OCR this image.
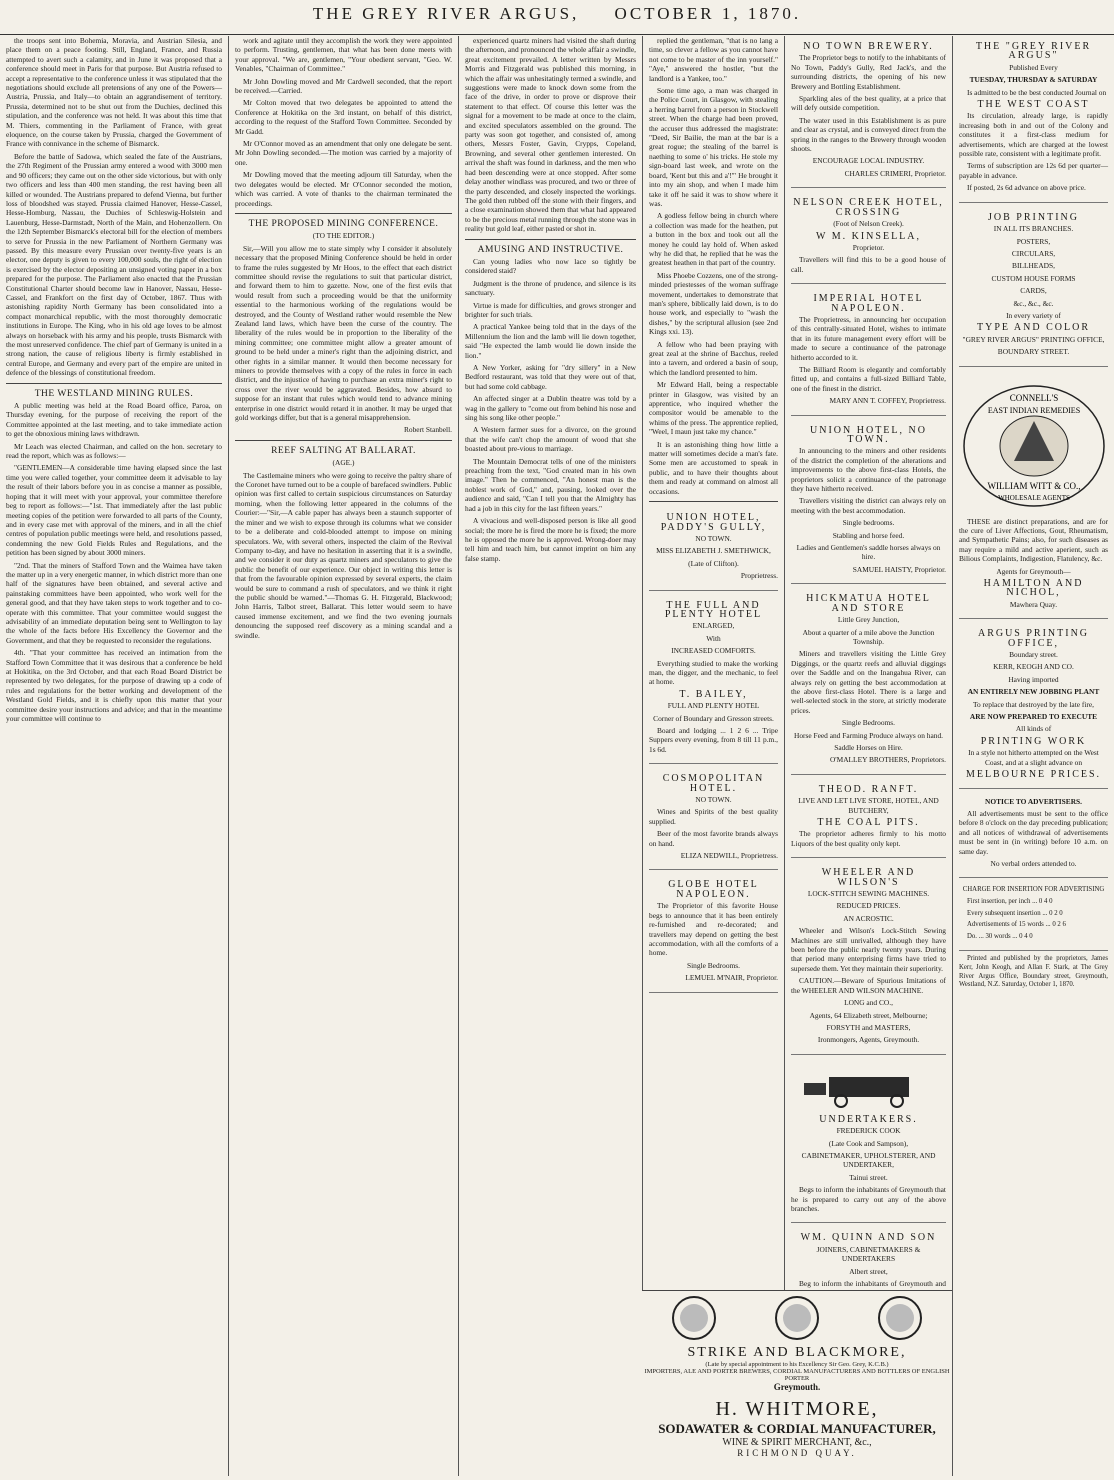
THE GREY RIVER ARGUS, OCTOBER 1, 1870.

the troops sent into Bohemia, Moravia, and Austrian Silesia, and place them on a peace footing. Still, England, France, and Russia attempted to avert such a calamity, and in June it was proposed that a conference should meet in Paris for that purpose. But Austria refused to accept a representative to the conference unless it was stipulated that the negotiations should exclude all pretensions of any one of the Powers—Austria, Prussia, and Italy—to obtain an aggrandisement of territory. Prussia, determined not to be shut out from the Duchies, declined this stipulation, and the conference was not held. It was about this time that M. Thiers, commenting in the Parliament of France, with great eloquence, on the course taken by Prussia, charged the Government of France with connivance in the scheme of Bismarck.

Before the battle of Sadowa, which sealed the fate of the Austrians, the 27th Regiment of the Prussian army entered a wood with 3000 men and 90 officers; they came out on the other side victorious, but with only two officers and less than 400 men standing, the rest having been all killed or wounded. The Austrians prepared to defend Vienna, but further loss of bloodshed was stayed. Prussia claimed Hanover, Hesse-Cassel, Hesse-Homburg, Nassau, the Duchies of Schleswig-Holstein and Lauenburg, Hesse-Darmstadt, North of the Main, and Hohenzollern. On the 12th September Bismarck's electoral bill for the election of members to serve for Prussia in the new Parliament of Northern Germany was passed. By this measure every Prussian over twenty-five years is an elector, one deputy is given to every 100,000 souls, the right of election is exercised by the elector depositing an unsigned voting paper in a box prepared for the purpose. The Parliament also enacted that the Prussian Constitutional Charter should become law in Hanover, Nassau, Hesse-Cassel, and Frankfort on the first day of October, 1867. Thus with astonishing rapidity North Germany has been consolidated into a compact monarchical republic, with the most thoroughly democratic institutions in Europe. The King, who in his old age loves to be almost always on horseback with his army and his people, trusts Bismarck with the most unreserved confidence. The chief part of Germany is united in a strong nation, the cause of religious liberty is firmly established in central Europe, and Germany and every part of the empire are united in defence of the blessings of constitutional freedom.

THE WESTLAND MINING RULES.

A public meeting was held at the Road Board office, Paroa, on Thursday evening, for the purpose of receiving the report of the Committee appointed at the last meeting, and to take immediate action to get the obnoxious mining laws withdrawn.

Mr Leach was elected Chairman, and called on the hon. secretary to read the report, which was as follows:—

"GENTLEMEN—A considerable time having elapsed since the last time you were called together, your committee deem it advisable to lay the result of their labors before you in as concise a manner as possible, hoping that it will meet with your approval, your committee therefore beg to report as follows:—"1st. That immediately after the last public meeting copies of the petition were forwarded to all parts of the County, and in every case met with approval of the miners, and in all the chief centres of population public meetings were held, and resolutions passed, condemning the new Gold Fields Rules and Regulations, and the petition has been signed by about 3000 miners.

"2nd. That the miners of Stafford Town and the Waimea have taken the matter up in a very energetic manner, in which district more than one half of the signatures have been obtained, and several active and painstaking committees have been appointed, who work well for the general good, and that they have taken steps to work together and to co-operate with this committee. That your committee would suggest the advisability of an immediate deputation being sent to Wellington to lay the whole of the facts before His Excellency the Governor and the Government, and that they be requested to reconsider the regulations.

4th. "That your committee has received an intimation from the Stafford Town Committee that it was desirous that a conference be held at Hokitika, on the 3rd October, and that each Road Board District be represented by two delegates, for the purpose of drawing up a code of rules and regulations for the better working and development of the Westland Gold Fields, and it is chiefly upon this matter that your committee desire your instructions and advice; and that in the meantime your committee will continue to

work and agitate until they accomplish the work they were appointed to perform. Trusting, gentlemen, that what has been done meets with your approval. "We are, gentlemen, "Your obedient servant, "Geo. W. Venables, "Chairman of Committee."

Mr John Dowling moved and Mr Cardwell seconded, that the report be received.—Carried.

Mr Colton moved that two delegates be appointed to attend the Conference at Hokitika on the 3rd instant, on behalf of this district, according to the request of the Stafford Town Committee. Seconded by Mr Gadd.

Mr O'Connor moved as an amendment that only one delegate be sent. Mr John Dowling seconded.—The motion was carried by a majority of one.

Mr Dowling moved that the meeting adjourn till Saturday, when the two delegates would be elected. Mr O'Connor seconded the motion, which was carried. A vote of thanks to the chairman terminated the proceedings.

THE PROPOSED MINING CONFERENCE.

(TO THE EDITOR.)

Sir,—Will you allow me to state simply why I consider it absolutely necessary that the proposed Mining Conference should be held in order to frame the rules suggested by Mr Hoos, to the effect that each district committee should revise the regulations to suit that particular district, and forward them to him to gazette. Now, one of the first evils that would result from such a proceeding would be that the uniformity essential to the harmonious working of the regulations would be destroyed, and the County of Westland rather would resemble the New Zealand land laws, which have been the curse of the country. The liberality of the rules would be in proportion to the liberality of the mining committee; one committee might allow a greater amount of ground to be held under a miner's right than the adjoining district, and other rights in a similar manner. It would then become necessary for miners to provide themselves with a copy of the rules in force in each district, and the injustice of having to purchase an extra miner's right to cross over the river would be aggravated. Besides, how absurd to suppose for an instant that rules which would tend to advance mining enterprise in one district would retard it in another. It may be urged that gold workings differ, but that is a general misapprehension.

Robert Stanbell.

REEF SALTING AT BALLARAT.

(AGE.)

The Castlemaine miners who were going to receive the paltry share of the Coronet have turned out to be a couple of barefaced swindlers. Public opinion was first called to certain suspicious circumstances on Saturday morning, when the following letter appeared in the columns of the Courier:—"Sir,—A cable paper has always been a staunch supporter of the miner and we wish to expose through its columns what we consider to be a deliberate and cold-blooded attempt to impose on mining speculators. We, with several others, inspected the claim of the Revival Company to-day, and have no hesitation in asserting that it is a swindle, and we consider it our duty as quartz miners and speculators to give the public the benefit of our experience. Our object in writing this letter is that from the favourable opinion expressed by several experts, the claim would be sure to command a rush of speculators, and we think it right the public should be warned."—Thomas G. H. Fitzgerald, Blackwood; John Harris, Talbot street, Ballarat. This letter would seem to have caused immense excitement, and we find the two evening journals denouncing the supposed reef discovery as a mining scandal and a swindle.

experienced quartz miners had visited the shaft during the afternoon, and pronounced the whole affair a swindle, great excitement prevailed. A letter written by Messrs Morris and Fitzgerald was published this morning, in which the affair was unhesitatingly termed a swindle, and suggestions were made to knock down some from the face of the drive, in order to prove or disprove their statement to that effect. Of course this letter was the signal for a movement to be made at once to the claim, and excited speculators assembled on the ground. The party was soon got together, and consisted of, among others, Messrs Foster, Gavin, Crypps, Copeland, Browning, and several other gentlemen interested. On arrival the shaft was found in darkness, and the men who had been descending were at once stopped. After some delay another windlass was procured, and two or three of the party descended, and closely inspected the workings. The gold then rubbed off the stone with their fingers, and a close examination showed them that what had appeared to be the precious metal running through the stone was in reality but gold leaf, either pasted or shot in.

AMUSING AND INSTRUCTIVE.

Can young ladies who now lace so tightly be considered staid?

Judgment is the throne of prudence, and silence is its sanctuary.

Virtue is made for difficulties, and grows stronger and brighter for such trials.

A practical Yankee being told that in the days of the Millennium the lion and the lamb will lie down together, said "He expected the lamb would lie down inside the lion."

A New Yorker, asking for "dry sillery" in a New Bedford restaurant, was told that they were out of that, but had some cold cabbage.

An affected singer at a Dublin theatre was told by a wag in the gallery to "come out from behind his nose and sing his song like other people."

A Western farmer sues for a divorce, on the ground that the wife can't chop the amount of wood that she boasted about pre-vious to marriage.

The Mountain Democrat tells of one of the ministers preaching from the text, "God created man in his own image." Then he commenced, "An honest man is the noblest work of God," and, pausing, looked over the audience and said, "Can I tell you that the Almighty has had a job in this city for the last fifteen years."

A vivacious and well-disposed person is like all good social; the more he is fired the more he is fixed; the more he is opposed the more he is approved. Wrong-doer may tell him and teach him, but cannot imprint on him any false stamp.

replied the gentleman, "that is no lang a time, so clever a fellow as you cannot have not come to be master of the inn yourself." "Aye," answered the hostler, "but the landlord is a Yankee, too."

Some time ago, a man was charged in the Police Court, in Glasgow, with stealing a herring barrel from a person in Stockwell street. When the charge had been proved, the accuser thus addressed the magistrate: "Deed, Sir Bailie, the man at the bar is a great rogue; the stealing of the barrel is naething to some o' his tricks. He stole my sign-board last week, and wrote on the board, 'Kent but this and a'!'" He brought it into my ain shop, and when I made him take it off he said it was to show where it was.

A godless fellow being in church where a collection was made for the heathen, put a button in the box and took out all the money he could lay hold of. When asked why he did that, he replied that he was the greatest heathen in that part of the country.

Miss Phoebe Cozzens, one of the strong-minded priestesses of the woman suffrage movement, undertakes to demonstrate that man's sphere, biblically laid down, is to do house work, and especially to "wash the dishes," by the scriptural allusion (see 2nd Kings xxi. 13).

A fellow who had been praying with great zeal at the shrine of Bacchus, reeled into a tavern, and ordered a basin of soup, which the landlord presented to him.

Mr Edward Hall, being a respectable printer in Glasgow, was visited by an apprentice, who inquired whether the compositor would be amenable to the whims of the press. The apprentice replied, "Weel, I maun just take my chance."

It is an astonishing thing how little a matter will sometimes decide a man's fate. Some men are accustomed to speak in public, and to have their thoughts about them and ready at command on almost all occasions.

UNION HOTEL, PADDY'S GULLY,

NO TOWN.

MISS ELIZABETH J. SMETHWICK,

(Late of Clifton).

Proprietress.

THE FULL AND PLENTY HOTEL

ENLARGED,

With

INCREASED COMFORTS.

Everything studied to make the working man, the digger, and the mechanic, to feel at home.

T. BAILEY,

FULL AND PLENTY HOTEL

Corner of Boundary and Gresson streets.

Board and lodging ... 1 2 6 ... Tripe Suppers every evening, from 8 till 11 p.m., 1s 6d.

COSMOPOLITAN HOTEL.

NO TOWN.

Wines and Spirits of the best quality supplied.

Beer of the most favorite brands always on hand.

ELIZA NEDWILL, Proprietress.

GLOBE HOTEL NAPOLEON.

The Proprietor of this favorite House begs to announce that it has been entirely re-furnished and re-decorated; and travellers may depend on getting the best accommodation, with all the comforts of a home.

Single Bedrooms.

LEMUEL M'NAIR, Proprietor.

NO TOWN BREWERY.

The Proprietor begs to notify to the inhabitants of No Town, Paddy's Gully, Red Jack's, and the surrounding districts, the opening of his new Brewery and Bottling Establishment.

Sparkling ales of the best quality, at a price that will defy outside competition.

The water used in this Establishment is as pure and clear as crystal, and is conveyed direct from the spring in the ranges to the Brewery through wooden shoots.

ENCOURAGE LOCAL INDUSTRY.

CHARLES CRIMERI, Proprietor.

NELSON CREEK HOTEL, CROSSING

(Foot of Nelson Creek).

W M. KINSELLA,

Proprietor.

Travellers will find this to be a good house of call.

IMPERIAL HOTEL NAPOLEON.

The Proprietress, in announcing her occupation of this centrally-situated Hotel, wishes to intimate that in its future management every effort will be made to secure a continuance of the patronage hitherto accorded to it.

The Billiard Room is elegantly and comfortably fitted up, and contains a full-sized Billiard Table, one of the finest in the district.

MARY ANN T. COFFEY, Proprietress.

UNION HOTEL, NO TOWN.

In announcing to the miners and other residents of the district the completion of the alterations and improvements to the above first-class Hotels, the proprietors solicit a continuance of the patronage they have hitherto received.

Travellers visiting the district can always rely on meeting with the best accommodation.

Single bedrooms.

Stabling and horse feed.

Ladies and Gentlemen's saddle horses always on hire.

SAMUEL HAISTY, Proprietor.

HICKMATUA HOTEL AND STORE

Little Grey Junction,

About a quarter of a mile above the Junction Township.

Miners and travellers visiting the Little Grey Diggings, or the quartz reefs and alluvial diggings over the Saddle and on the Inangahua River, can always rely on getting the best accommodation at the above first-class Hotel. There is a large and well-selected stock in the store, at strictly moderate prices.

Single Bedrooms.

Horse Feed and Farming Produce always on hand.

Saddle Horses on Hire.

O'MALLEY BROTHERS, Proprietors.

THEOD. RANFT.

LIVE AND LET LIVE STORE, HOTEL, AND BUTCHERY,

THE COAL PITS.

The proprietor adheres firmly to his motto Liquors of the best quality only kept.

WHEELER AND WILSON'S

LOCK-STITCH SEWING MACHINES.

REDUCED PRICES.

AN ACROSTIC.

Wheeler and Wilson's Lock-Stitch Sewing Machines are still unrivalled, although they have been before the public nearly twenty years. During that period many enterprising firms have tried to supersede them. Yet they maintain their superiority.

CAUTION.—Beware of Spurious Imitations of the WHEELER AND WILSON MACHINE.

LONG and CO.,

Agents, 64 Elizabeth street, Melbourne;

FORSYTH and MASTERS,

Ironmongers, Agents, Greymouth.

UNDERTAKERS.

FREDERICK COOK

(Late Cook and Sampson),

CABINETMAKER, UPHOLSTERER, AND UNDERTAKER,

Tainui street.

Begs to inform the inhabitants of Greymouth that he is prepared to carry out any of the above branches.

WM. QUINN AND SON

JOINERS, CABINETMAKERS & UNDERTAKERS

Albert street,

Beg to inform the inhabitants of Greymouth and

THE "GREY RIVER ARGUS"

Published Every

TUESDAY, THURSDAY & SATURDAY

Is admitted to be the best conducted Journal on

THE WEST COAST

Its circulation, already large, is rapidly increasing both in and out of the Colony and constitutes it a first-class medium for advertisements, which are charged at the lowest possible rate, consistent with a legitimate profit.

Terms of subscription are 12s 6d per quarter—payable in advance.

If posted, 2s 6d advance on above price.

JOB PRINTING

IN ALL ITS BRANCHES.

POSTERS,

CIRCULARS,

BILLHEADS,

CUSTOM HOUSE FORMS

CARDS,

&c., &c., &c.

In every variety of

TYPE AND COLOR

"GREY RIVER ARGUS" PRINTING OFFICE,

BOUNDARY STREET.

CONNELL'S
EAST INDIAN REMEDIES
WILLIAM WITT & CO.,
WHOLESALE AGENTS

THESE are distinct preparations, and are for the cure of Liver Affections, Gout, Rheumatism, and Sympathetic Pains; also, for such diseases as may require a mild and active aperient, such as Bilious Complaints, Indigestion, Flatulency, &c.

Agents for Greymouth—

HAMILTON AND NICHOL,

Mawhera Quay.

ARGUS PRINTING OFFICE,

Boundary street.

KERR, KEOGH AND CO.

Having imported

AN ENTIRELY NEW JOBBING PLANT

To replace that destroyed by the late fire,

ARE NOW PREPARED TO EXECUTE

All kinds of

PRINTING WORK

In a style not hitherto attempted on the West Coast, and at a slight advance on

MELBOURNE PRICES.

NOTICE TO ADVERTISERS.

All advertisements must be sent to the office before 8 o'clock on the day preceding publication; and all notices of withdrawal of advertisements must be sent in (in writing) before 10 a.m. on same day.

No verbal orders attended to.

CHARGE FOR INSERTION FOR ADVERTISING

First insertion, per inch ... 0 4 0

Every subsequent insertion ... 0 2 0

Advertisements of 15 words ... 0 2 6

Do. ... 30 words ... 0 4 0

Printed and published by the proprietors, James Kerr, John Keogh, and Allan F. Stark, at The Grey River Argus Office, Boundary street, Greymouth, Westland, N.Z. Saturday, October 1, 1870.

STRIKE AND BLACKMORE,
(Late by special appointment to his Excellency Sir Geo. Grey, K.C.B.)
IMPORTERS, ALE AND PORTER BREWERS, CORDIAL MANUFACTURERS AND BOTTLERS OF ENGLISH PORTER
Greymouth.
H. WHITMORE,
SODAWATER & CORDIAL MANUFACTURER,
WINE & SPIRIT MERCHANT, &c.,
RICHMOND QUAY.
